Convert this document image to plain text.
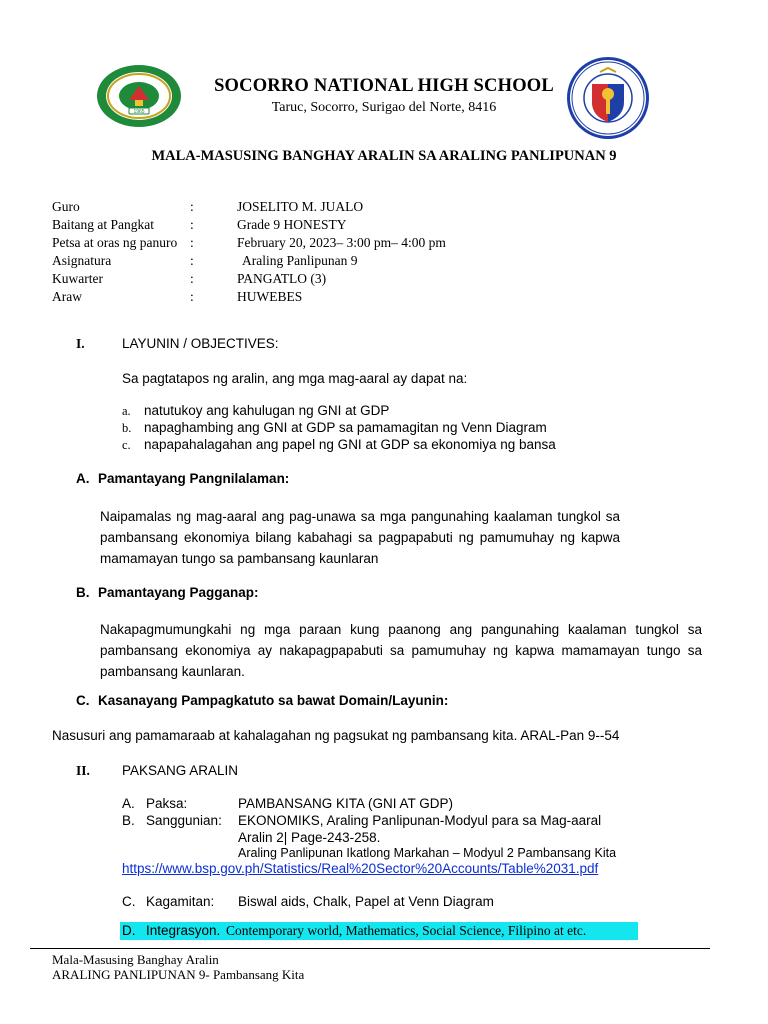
1965
SOCORRO NATIONAL HIGH SCHOOL
Taruc, Socorro, Surigao del Norte, 8416
MALA-MASUSING BANGHAY ARALIN SA ARALING PANLIPUNAN 9
Guro	:	JOSELITO M. JUALO
Baitang at Pangkat	:	Grade 9 HONESTY
Petsa at oras ng panuro :	February 20, 2023– 3:00 pm– 4:00 pm
Asignatura	:	Araling Panlipunan 9
Kuwarter	:	PANGATLO (3)
Araw	:	HUWEBES
I.	LAYUNIN / OBJECTIVES:
Sa pagtatapos ng aralin, ang mga mag-aaral ay dapat na:
a. natutukoy ang kahulugan ng GNI at GDP
b. napaghambing ang GNI at GDP sa pamamagitan ng Venn Diagram
c. napapahalagahan ang papel ng GNI at GDP sa ekonomiya ng bansa
A. Pamantayang Pangnilalaman:
Naipamalas ng mag-aaral ang pag-unawa sa mga pangunahing kaalaman tungkol sa
pambansang ekonomiya bilang kabahagi sa pagpapabuti ng pamumuhay ng kapwa
mamamayan tungo sa pambansang kaunlaran
B. Pamantayang Pagganap:
Nakapagmumungkahi ng mga paraan kung paanong ang pangunahing kaalaman tungkol sa
pambansang ekonomiya ay nakapagpapabuti sa pamumuhay ng kapwa mamamayan tungo sa
pambansang kaunlaran.
C. Kasanayang Pampagkatuto sa bawat Domain/Layunin:
Nasusuri ang pamamaraab at kahalagahan ng pagsukat ng pambansang kita. ARAL-Pan 9--54
II. PAKSANG ARALIN
A. Paksa:	PAMBANSANG KITA (GNI AT GDP)
B. Sanggunian: EKONOMIKS, Araling Panlipunan-Modyul para sa Mag-aaral
Aralin 2| Page-243-258.
Araling Panlipunan Ikatlong Markahan – Modyul 2 Pambansang Kita
https://www.bsp.gov.ph/Statistics/Real%20Sector%20Accounts/Table%2031.pdf
C. Kagamitan: Biswal aids, Chalk, Papel at Venn Diagram
D. Integrasyon. Contemporary world, Mathematics, Social Science, Filipino at etc.
Mala-Masusing Banghay Aralin
ARALING PANLIPUNAN 9- Pambansang Kita
